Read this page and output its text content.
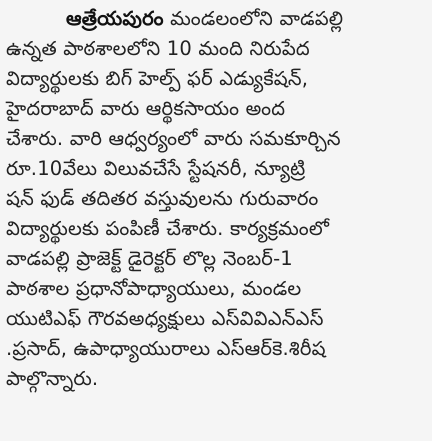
ఆత్రేయపురం మండలంలోని వాడపల్లి
ఉన్నత పాఠశాలలోని 10 మంది నిరుపేద
విద్యార్థులకు బిగ్ హెల్ప్ ఫర్ ఎడ్యుకేషన్,
హైదరాబాద్ వారు ఆర్థికసాయం అంద
చేశారు. వారి ఆధ్వర్యంలో వారు సమకూర్చిన
రూ.10వేలు విలువచేసే స్టేషనరీ, న్యూట్రి
షన్ ఫుడ్ తదితర వస్తువులను గురువారం
విద్యార్థులకు పంపిణీ చేశారు. కార్యక్రమంలో
వాడపల్లి ప్రాజెక్ట్ డైరెక్టర్ లొల్ల నెంబర్-1
పాఠశాల ప్రధానోపాధ్యాయులు, మండల
యుటిఎఫ్ గౌరవఅధ్యక్షులు ఎస్‌వివిఎన్‌ఎస్
.ప్రసాద్, ఉపాధ్యాయురాలు ఎస్ఆర్‌కె.శిరీష
పాల్గొన్నారు.
